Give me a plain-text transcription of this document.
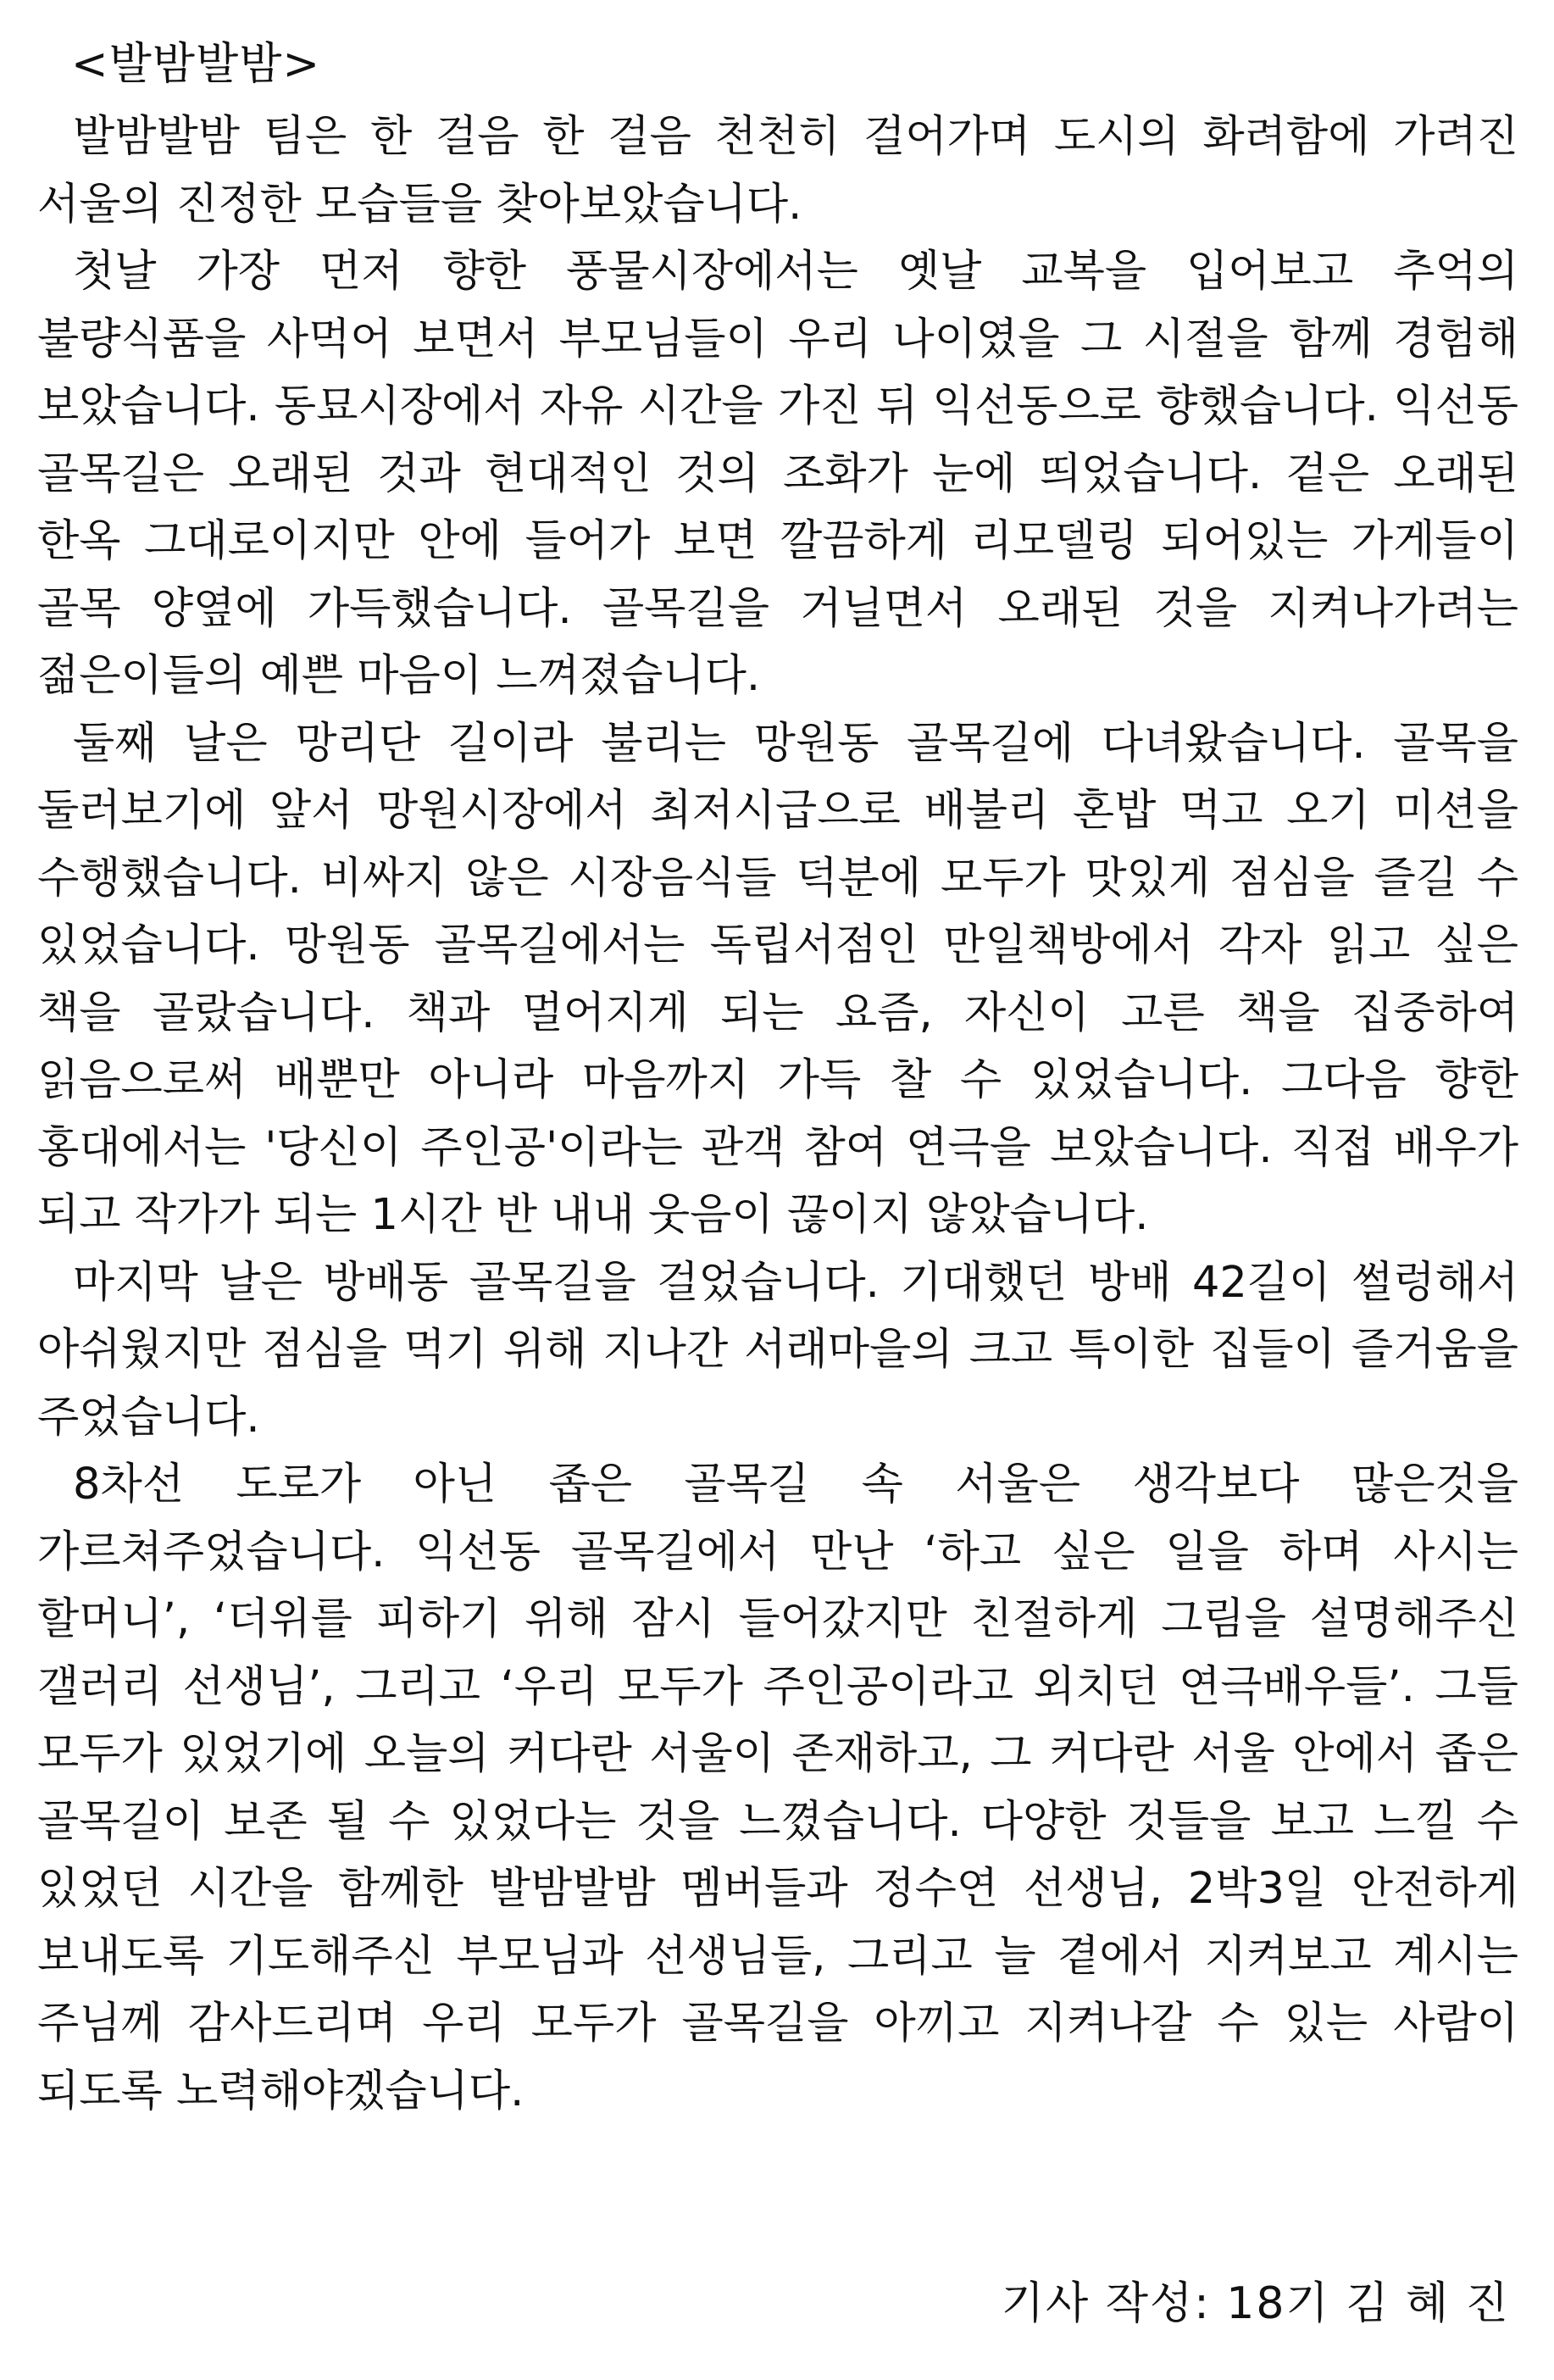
<발밤발밤>

발밤발밤 팀은 한 걸음 한 걸음 천천히 걸어가며 도시의 화려함에 가려진 서울의 진정한 모습들을 찾아보았습니다.

첫날 가장 먼저 향한 풍물시장에서는 옛날 교복을 입어보고 추억의 불량식품을 사먹어 보면서 부모님들이 우리 나이였을 그 시절을 함께 경험해 보았습니다. 동묘시장에서 자유 시간을 가진 뒤 익선동으로 향했습니다. 익선동 골목길은 오래된 것과 현대적인 것의 조화가 눈에 띄었습니다. 겉은 오래된 한옥 그대로이지만 안에 들어가 보면 깔끔하게 리모델링 되어있는 가게들이 골목 양옆에 가득했습니다. 골목길을 거닐면서 오래된 것을 지켜나가려는 젊은이들의 예쁜 마음이 느껴졌습니다.

둘째 날은 망리단 길이라 불리는 망원동 골목길에 다녀왔습니다. 골목을 둘러보기에 앞서 망원시장에서 최저시급으로 배불리 혼밥 먹고 오기 미션을 수행했습니다. 비싸지 않은 시장음식들 덕분에 모두가 맛있게 점심을 즐길 수 있었습니다. 망원동 골목길에서는 독립서점인 만일책방에서 각자 읽고 싶은 책을 골랐습니다. 책과 멀어지게 되는 요즘, 자신이 고른 책을 집중하여 읽음으로써 배뿐만 아니라 마음까지 가득 찰 수 있었습니다. 그다음 향한 홍대에서는 '당신이 주인공'이라는 관객 참여 연극을 보았습니다. 직접 배우가 되고 작가가 되는 1시간 반 내내 웃음이 끊이지 않았습니다.

마지막 날은 방배동 골목길을 걸었습니다. 기대했던 방배 42길이 썰렁해서 아쉬웠지만 점심을 먹기 위해 지나간 서래마을의 크고 특이한 집들이 즐거움을 주었습니다.

8차선 도로가 아닌 좁은 골목길 속 서울은 생각보다 많은것을 가르쳐주었습니다. 익선동 골목길에서 만난 ‘하고 싶은 일을 하며 사시는 할머니’, ‘더위를 피하기 위해 잠시 들어갔지만 친절하게 그림을 설명해주신 갤러리 선생님’, 그리고 ‘우리 모두가 주인공이라고 외치던 연극배우들’. 그들 모두가 있었기에 오늘의 커다란 서울이 존재하고, 그 커다란 서울 안에서 좁은 골목길이 보존 될 수 있었다는 것을 느꼈습니다. 다양한 것들을 보고 느낄 수 있었던 시간을 함께한 발밤발밤 멤버들과 정수연 선생님, 2박3일 안전하게 보내도록 기도해주신 부모님과 선생님들, 그리고 늘 곁에서 지켜보고 계시는 주님께 감사드리며 우리 모두가 골목길을 아끼고 지켜나갈 수 있는 사람이 되도록 노력해야겠습니다.

기사 작성: 18기 김 혜 진
